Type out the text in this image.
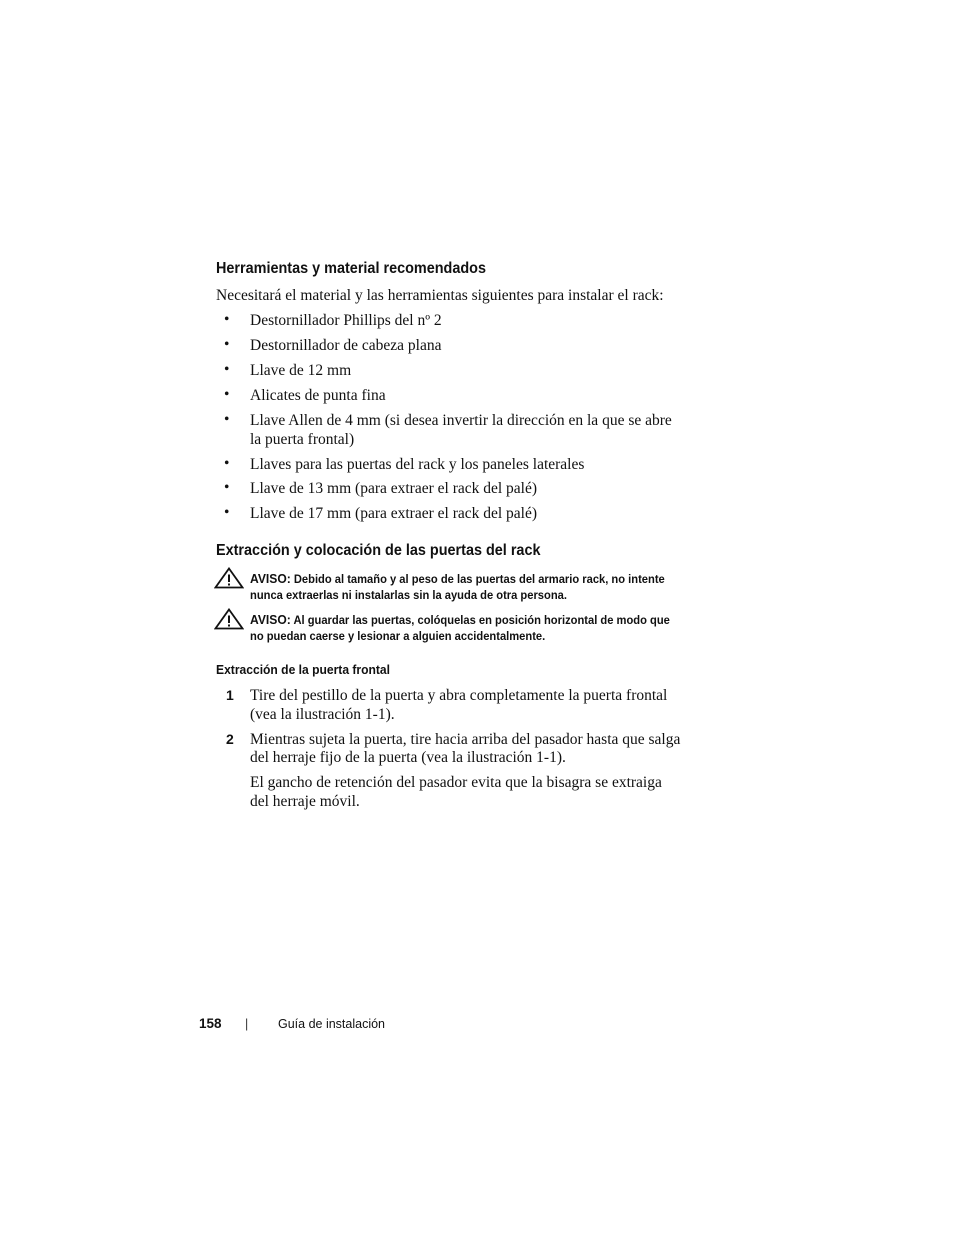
Herramientas y material recomendados
Necesitará el material y las herramientas siguientes para instalar el rack:
• Destornillador Phillips del nº 2
• Destornillador de cabeza plana
• Llave de 12 mm
• Alicates de punta fina
• Llave Allen de 4 mm (si desea invertir la dirección en la que se abre
la puerta frontal)
• Llaves para las puertas del rack y los paneles laterales
• Llave de 13 mm (para extraer el rack del palé)
• Llave de 17 mm (para extraer el rack del palé)
Extracción y colocación de las puertas del rack
AVISO: Debido al tamaño y al peso de las puertas del armario rack, no intente
nunca extraerlas ni instalarlas sin la ayuda de otra persona.
AVISO: Al guardar las puertas, colóquelas en posición horizontal de modo que
no puedan caerse y lesionar a alguien accidentalmente.
Extracción de la puerta frontal
1 Tire del pestillo de la puerta y abra completamente la puerta frontal
(vea la ilustración 1-1).
2 Mientras sujeta la puerta, tire hacia arriba del pasador hasta que salga
del herraje fijo de la puerta (vea la ilustración 1-1).
El gancho de retención del pasador evita que la bisagra se extraiga
del herraje móvil.
158 | Guía de instalación
